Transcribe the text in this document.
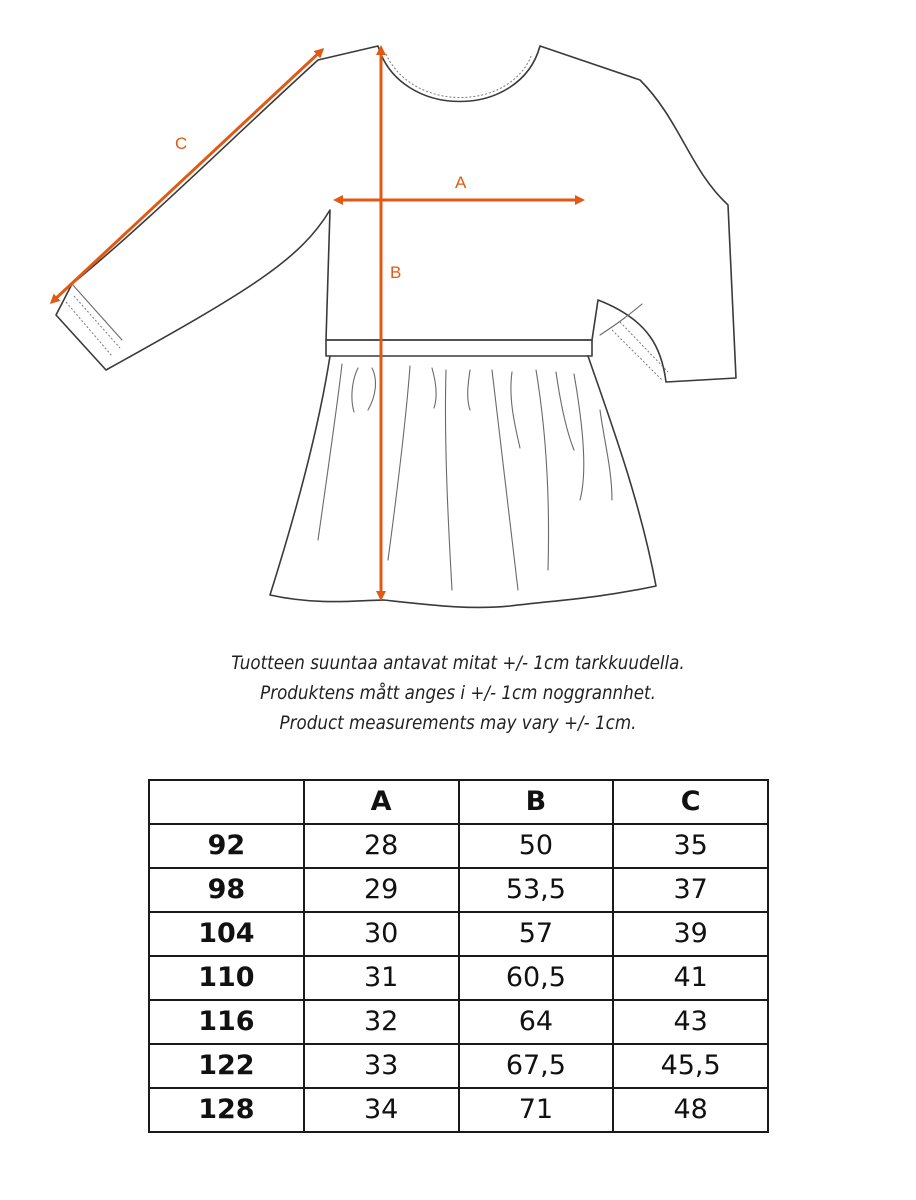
A
B
C
Tuotteen suuntaa antavat mitat +/- 1cm tarkkuudella.
Produktens mått anges i +/- 1cm noggrannhet.
Product measurements may vary +/- 1cm.
	A	B	C
92	28	50	35
98	29	53,5	37
104	30	57	39
110	31	60,5	41
116	32	64	43
122	33	67,5	45,5
128	34	71	48
